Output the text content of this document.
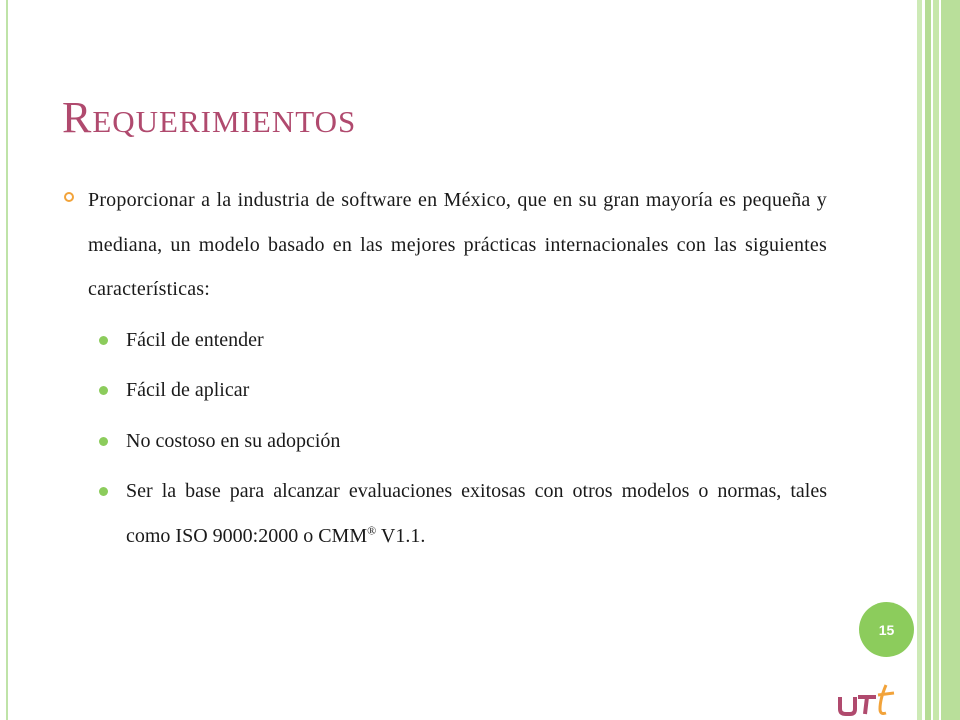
Requerimientos
Proporcionar a la industria de software en México, que en su gran mayoría es pequeña y mediana, un modelo basado en las mejores prácticas internacionales con las siguientes características:
Fácil de entender
Fácil de aplicar
No costoso en su adopción
Ser la base para alcanzar evaluaciones exitosas con otros modelos o normas, tales como ISO 9000:2000 o CMM® V1.1.
15
